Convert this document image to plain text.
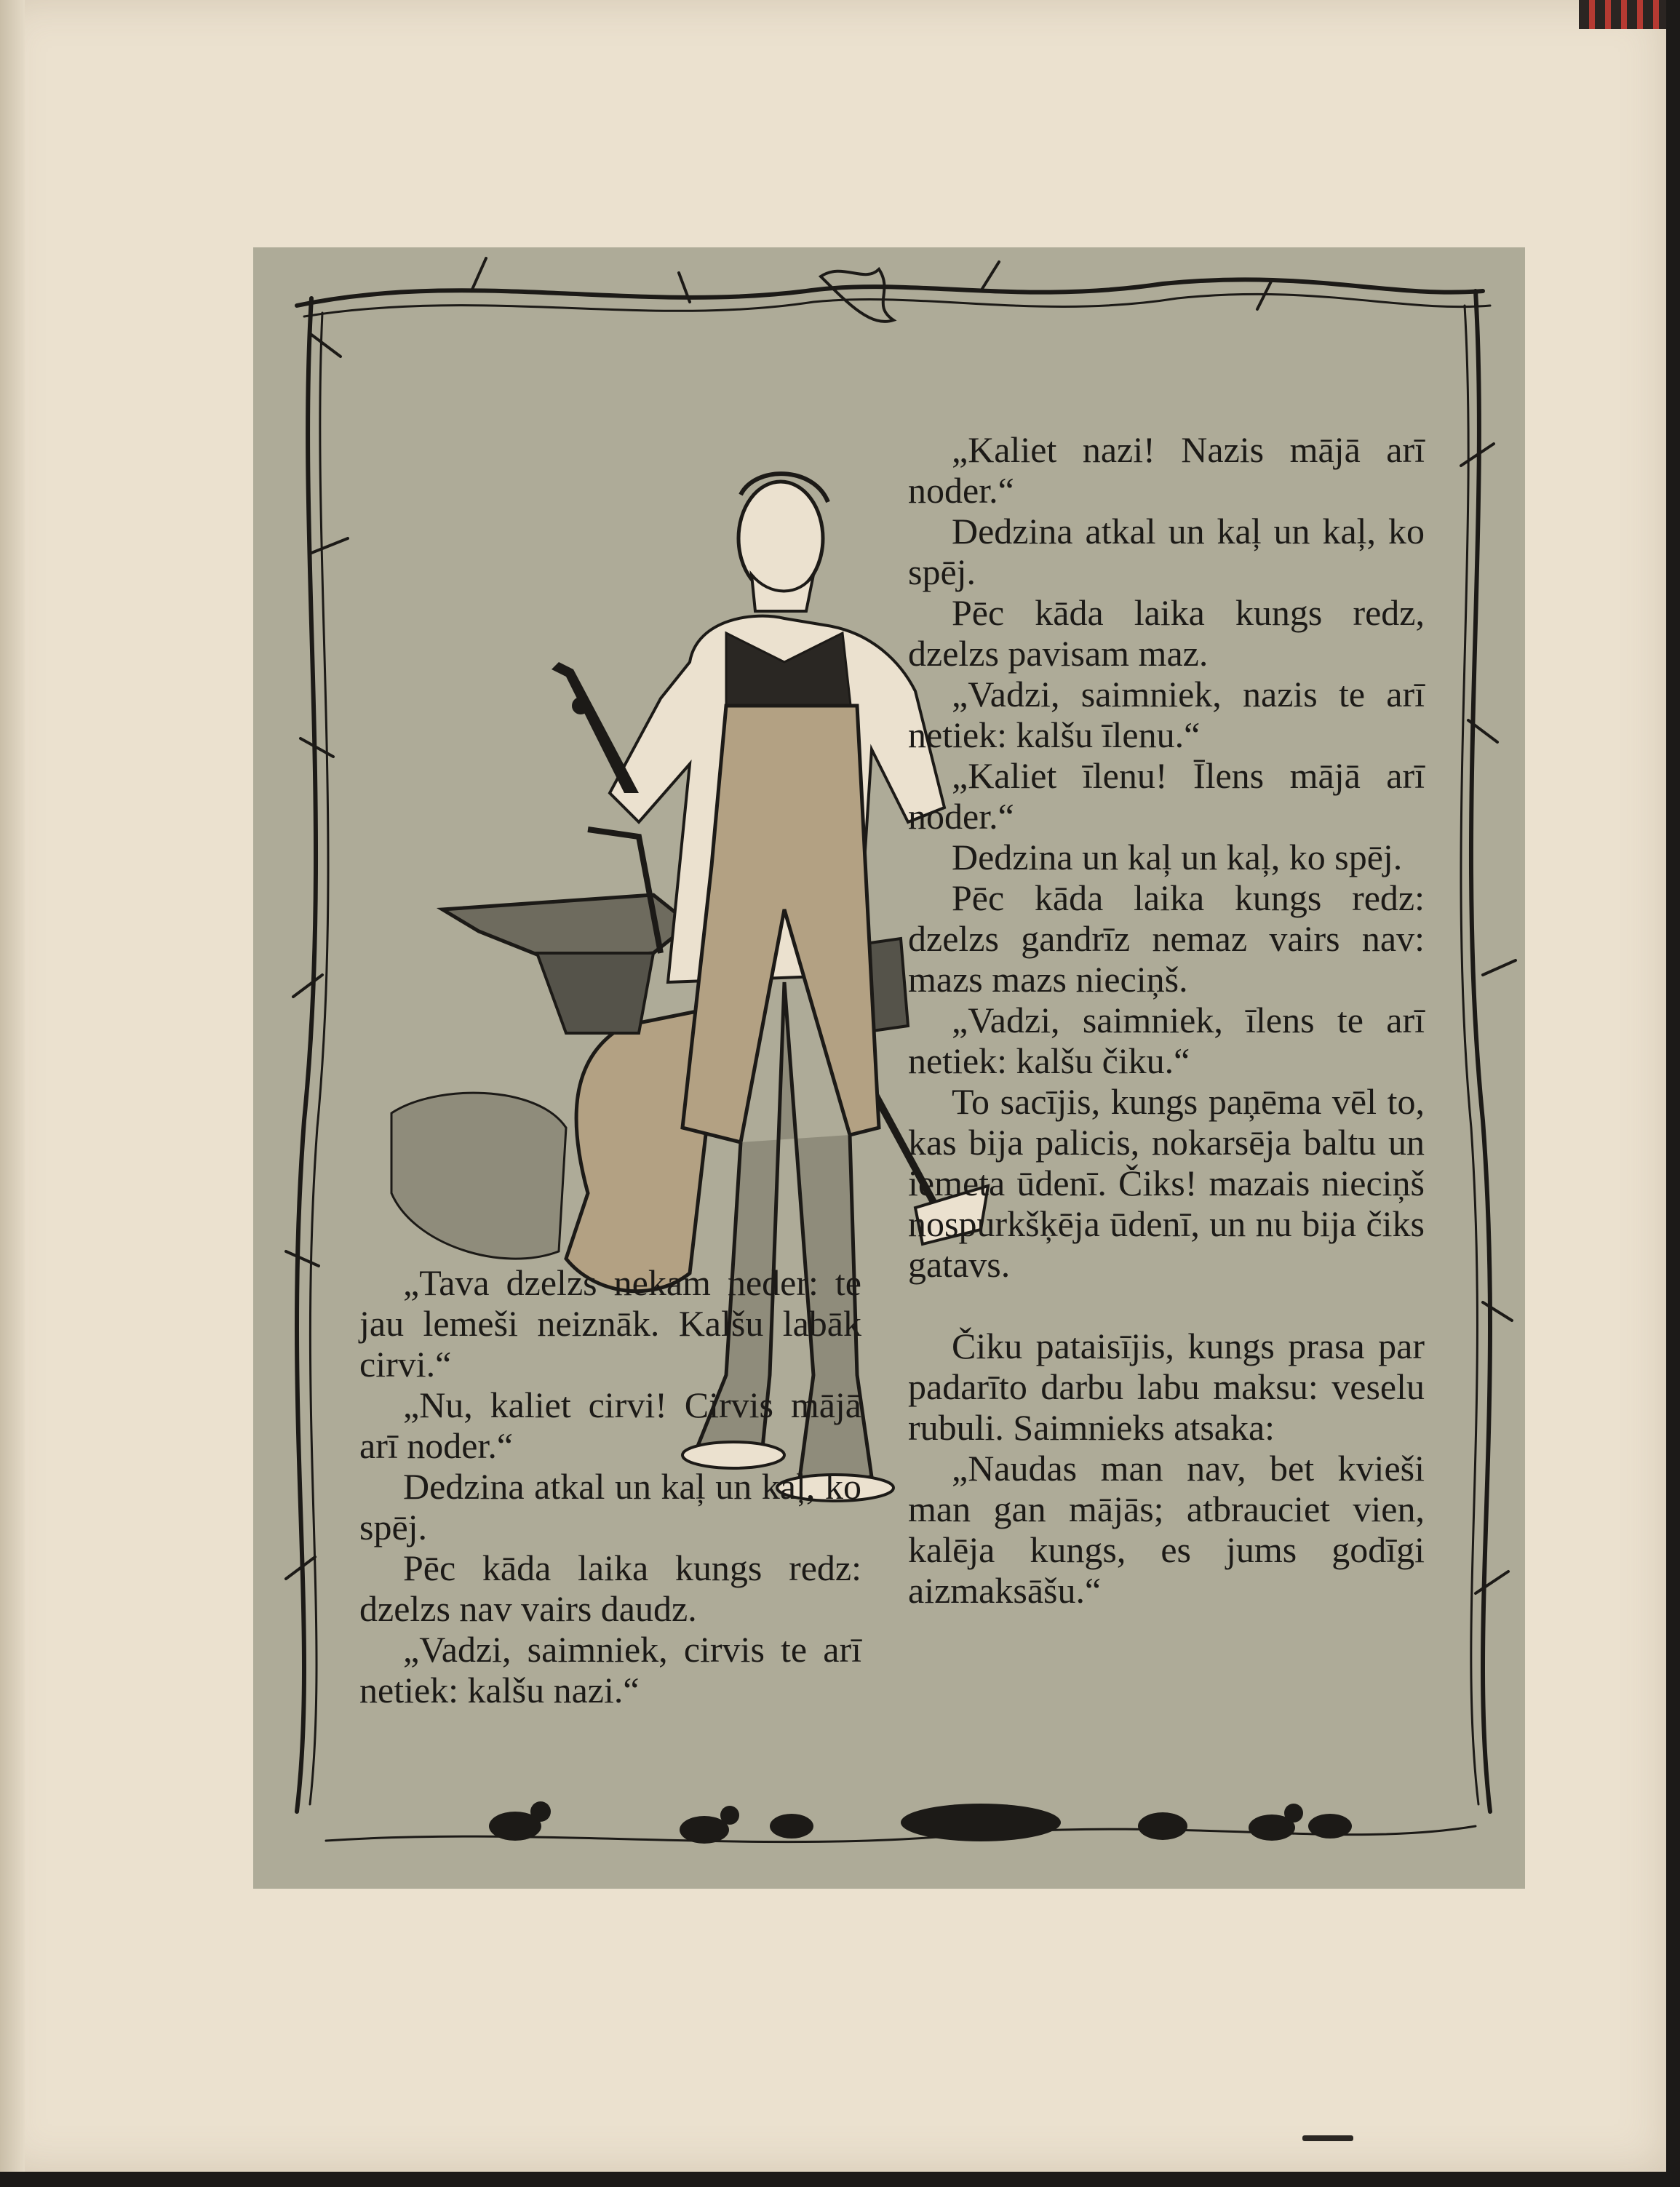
„Tava dzelzs nekam neder: te jau lemeši neiznāk. Kalšu labāk cirvi.“

„Nu, kaliet cirvi! Cirvis mājā arī noder.“

Dedzina atkal un kaļ un kaļ, ko spēj.

Pēc kāda laika kungs redz: dzelzs nav vairs daudz.

„Vadzi, saimniek, cirvis te arī netiek: kalšu nazi.“

„Kaliet nazi! Nazis mājā arī noder.“

Dedzina atkal un kaļ un kaļ, ko spēj.

Pēc kāda laika kungs redz, dzelzs pavisam maz.

„Vadzi, saimniek, nazis te arī netiek: kalšu īlenu.“

„Kaliet īlenu! Īlens mājā arī noder.“

Dedzina un kaļ un kaļ, ko spēj.

Pēc kāda laika kungs redz: dzelzs gandrīz nemaz vairs nav: mazs mazs nieciņš.

„Vadzi, saimniek, īlens te arī netiek: kalšu čiku.“

To sacījis, kungs paņēma vēl to, kas bija palicis, nokarsēja baltu un iemeta ūdenī. Čiks! mazais nieciņš nospurkšķēja ūdenī, un nu bija čiks gatavs.

Čiku pataisījis, kungs prasa par padarīto darbu labu maksu: veselu rubuli. Saimnieks atsaka:

„Naudas man nav, bet kvieši man gan mājās; atbrauciet vien, kalēja kungs, es jums godīgi aizmaksāšu.“
